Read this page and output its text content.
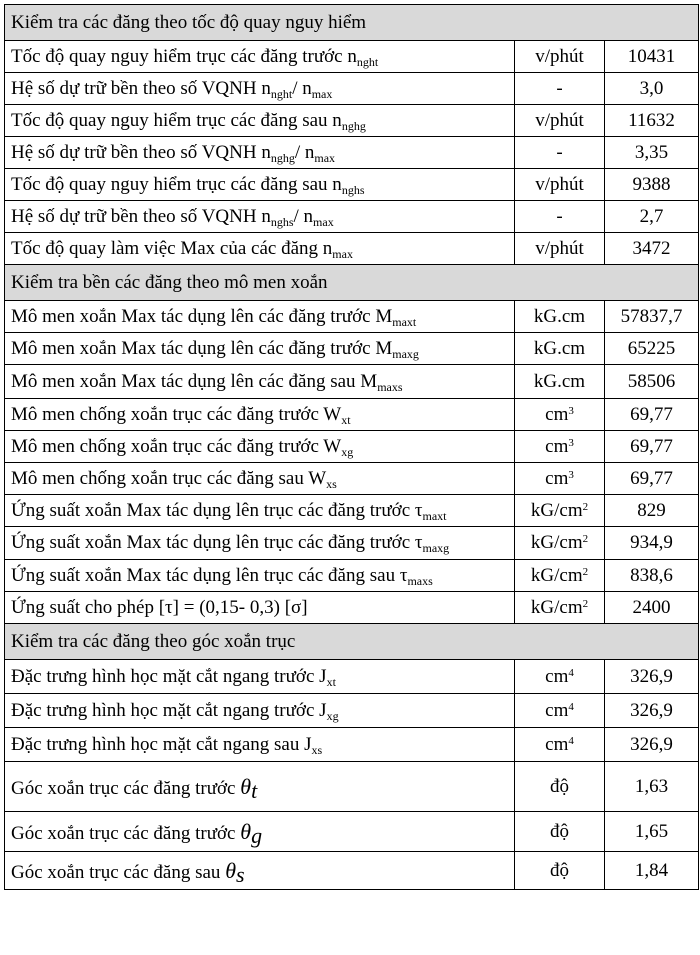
Kiểm tra các đăng theo tốc độ quay nguy hiểm		
Tốc độ quay nguy hiểm trục các đăng trước $n_{nght}$	v/phút	10431
Hệ số dự trữ bền theo số VQNH $n_{nght}/$ $n_{max}$	-	3,0
Tốc độ quay nguy hiểm trục các đăng sau $n_{nghg}$	v/phút	11632
Hệ số dự trữ bền theo số VQNH $n_{nghg}/$ $n_{max}$	-	3,35
Tốc độ quay nguy hiểm trục các đăng sau $n_{nghs}$	v/phút	9388
Hệ số dự trữ bền theo số VQNH $n_{nghs}/$ $n_{max}$	-	2,7
Tốc độ quay làm việc Max của các đăng $n_{max}$	v/phút	3472
Kiểm tra bền các đăng theo mô men xoắn		
Mô men xoắn Max tác dụng lên các đăng trước $M_{maxt}$	kG.cm	57837,7
Mô men xoắn Max tác dụng lên các đăng trước $M_{maxg}$	kG.cm	65225
Mô men xoắn Max tác dụng lên các đăng sau $M_{maxs}$	kG.cm	58506
Mô men chống xoắn trục các đăng trước $W_{xt}$	$cm^3$	69,77
Mô men chống xoắn trục các đăng trước $W_{xg}$	$cm^3$	69,77
Mô men chống xoắn trục các đăng sau $W_{xs}$	$cm^3$	69,77
Ứng suất xoắn Max tác dụng lên trục các đăng trước $\tau_{maxt}$	$kG/cm^2$	829
Ứng suất xoắn Max tác dụng lên trục các đăng trước $\tau_{maxg}$	$kG/cm^2$	934,9
Ứng suất xoắn Max tác dụng lên trục các đăng sau $\tau_{maxs}$	$kG/cm^2$	838,6
Ứng suất cho phép [τ] = (0,15- 0,3) [σ]	$kG/cm^2$	2400
Kiểm tra các đăng theo góc xoắn trục		
Đặc trưng hình học mặt cắt ngang trước $J_{xt}$	$cm^4$	326,9
Đặc trưng hình học mặt cắt ngang trước $J_{xg}$	$cm^4$	326,9
Đặc trưng hình học mặt cắt ngang sau $J_{xs}$	$cm^4$	326,9
Góc xoắn trục các đăng trước $\theta_t$	độ	1,63
Góc xoắn trục các đăng trước $\theta_g$	độ	1,65
Góc xoắn trục các đăng sau $\theta_s$	độ	1,84
